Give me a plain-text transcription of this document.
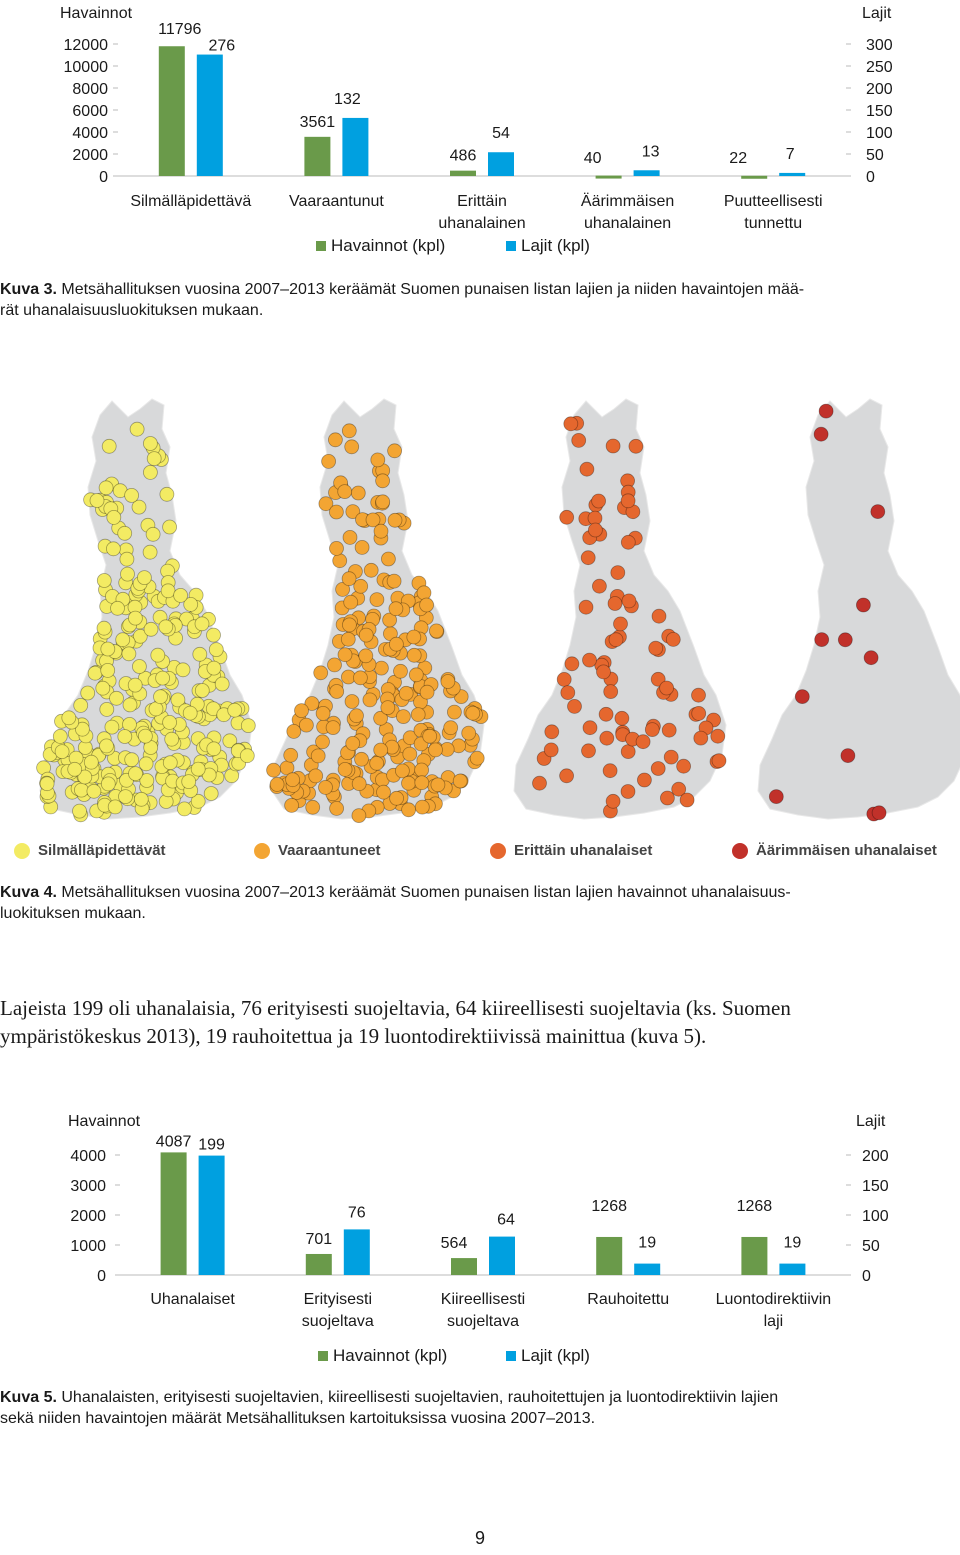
Havainnot	Lajit
0
2000
4000
6000
8000
10000
12000
0
50
100
150
200
250
300
11796
276
3561
132
486
54
40	13	22 7
Silmälläpidettävä Vaaraantunut	Erittäin
uhanalainen
Äärimmäisen
uhanalainen
Puutteellisesti
tunnettu
Havainnot (kpl)	Lajit (kpl)
Kuva 3. Metsähallituksen vuosina 2007–2013 keräämät Suomen punaisen listan lajien ja niiden havaintojen mää-
rät uhanalaisuusluokituksen mukaan.
Silmälläpidettävät	Vaaraantuneet	Erittäin uhanalaiset	Äärimmäisen uhanalaiset
Kuva 4. Metsähallituksen vuosina 2007–2013 keräämät Suomen punaisen listan lajien havainnot uhanalaisuus-
luokituksen mukaan.
Lajeista 199 oli uhanalaisia, 76 erityisesti suojeltavia, 64 kiireellisesti suojeltavia (ks. Suomen
ympäristökeskus 2013), 19 rauhoitettua ja 19 luontodirektiivissä mainittua (kuva 5).
Havainnot	Lajit
0
1000
2000
3000
4000
0
50
100
150
200
4087 199
701
76
564
64
1268
19
1268
19
Uhanalaiset	Erityisesti
suojeltava
Kiireellisesti
suojeltava
Rauhoitettu	Luontodirektiivin
laji
Havainnot (kpl)	Lajit (kpl)
Kuva 5. Uhanalaisten, erityisesti suojeltavien, kiireellisesti suojeltavien, rauhoitettujen ja luontodirektiivin lajien
sekä niiden havaintojen määrät Metsähallituksen kartoituksissa vuosina 2007–2013.
9
